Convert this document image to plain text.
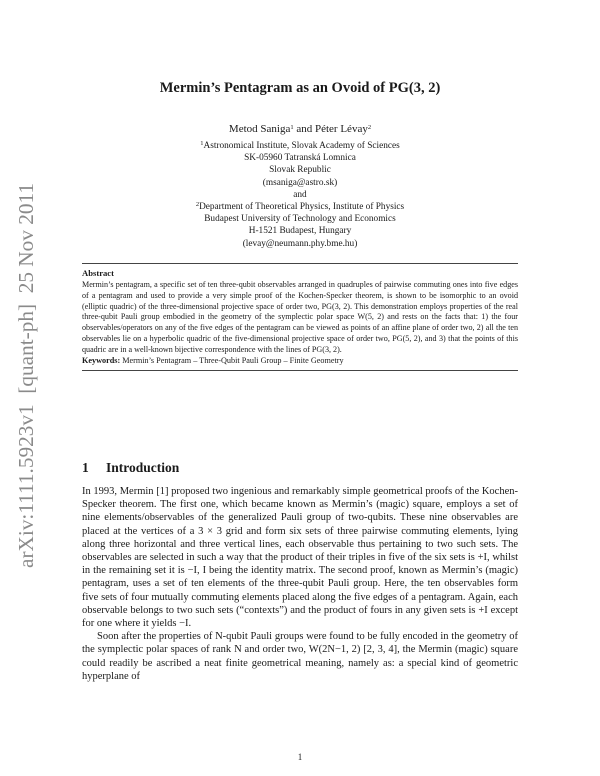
arXiv:1111.5923v1  [quant-ph]  25 Nov 2011
Mermin’s Pentagram as an Ovoid of PG(3, 2)
Metod Saniga$^1$ and Péter Lévay$^2$
$^1$Astronomical Institute, Slovak Academy of Sciences
SK-05960 Tatranská Lomnica
Slovak Republic
(msaniga@astro.sk)
and
$^2$Department of Theoretical Physics, Institute of Physics
Budapest University of Technology and Economics
H-1521 Budapest, Hungary
(levay@neumann.phy.bme.hu)
Abstract
Mermin’s pentagram, a specific set of ten three-qubit observables arranged in quadruples of pairwise commuting ones into five edges of a pentagram and used to provide a very simple proof of the Kochen-Specker theorem, is shown to be isomorphic to an ovoid (elliptic quadric) of the three-dimensional projective space of order two, PG(3, 2). This demonstration employs properties of the real three-qubit Pauli group embodied in the geometry of the symplectic polar space W(5, 2) and rests on the facts that: 1) the four observables/operators on any of the five edges of the pentagram can be viewed as points of an affine plane of order two, 2) all the ten observables lie on a hyperbolic quadric of the five-dimensional projective space of order two, PG(5, 2), and 3) that the points of this quadric are in a well-known bijective correspondence with the lines of PG(3, 2).
Keywords: Mermin’s Pentagram – Three-Qubit Pauli Group – Finite Geometry
1 Introduction

In 1993, Mermin [1] proposed two ingenious and remarkably simple geometrical proofs of the Kochen-Specker theorem. The first one, which became known as Mermin’s (magic) square, employs a set of nine elements/observables of the generalized Pauli group of two-qubits. These nine observables are placed at the vertices of a 3 × 3 grid and form six sets of three pairwise commuting elements, lying along three horizontal and three vertical lines, each observable thus pertaining to two such sets. The observables are selected in such a way that the product of their triples in five of the six sets is +I, whilst in the remaining set it is −I, I being the identity matrix. The second proof, known as Mermin’s (magic) pentagram, uses a set of ten elements of the three-qubit Pauli group. Here, the ten observables form five sets of four mutually commuting elements placed along the five edges of a pentagram. Again, each observable belongs to two such sets (“contexts”) and the product of fours in any given sets is +I except for one where it yields −I.

Soon after the properties of N-qubit Pauli groups were found to be fully encoded in the geometry of the symplectic polar spaces of rank N and order two, W(2N−1, 2) [2, 3, 4], the Mermin (magic) square could readily be ascribed a neat finite geometrical meaning, namely as: a special kind of geometric hyperplane of

1
